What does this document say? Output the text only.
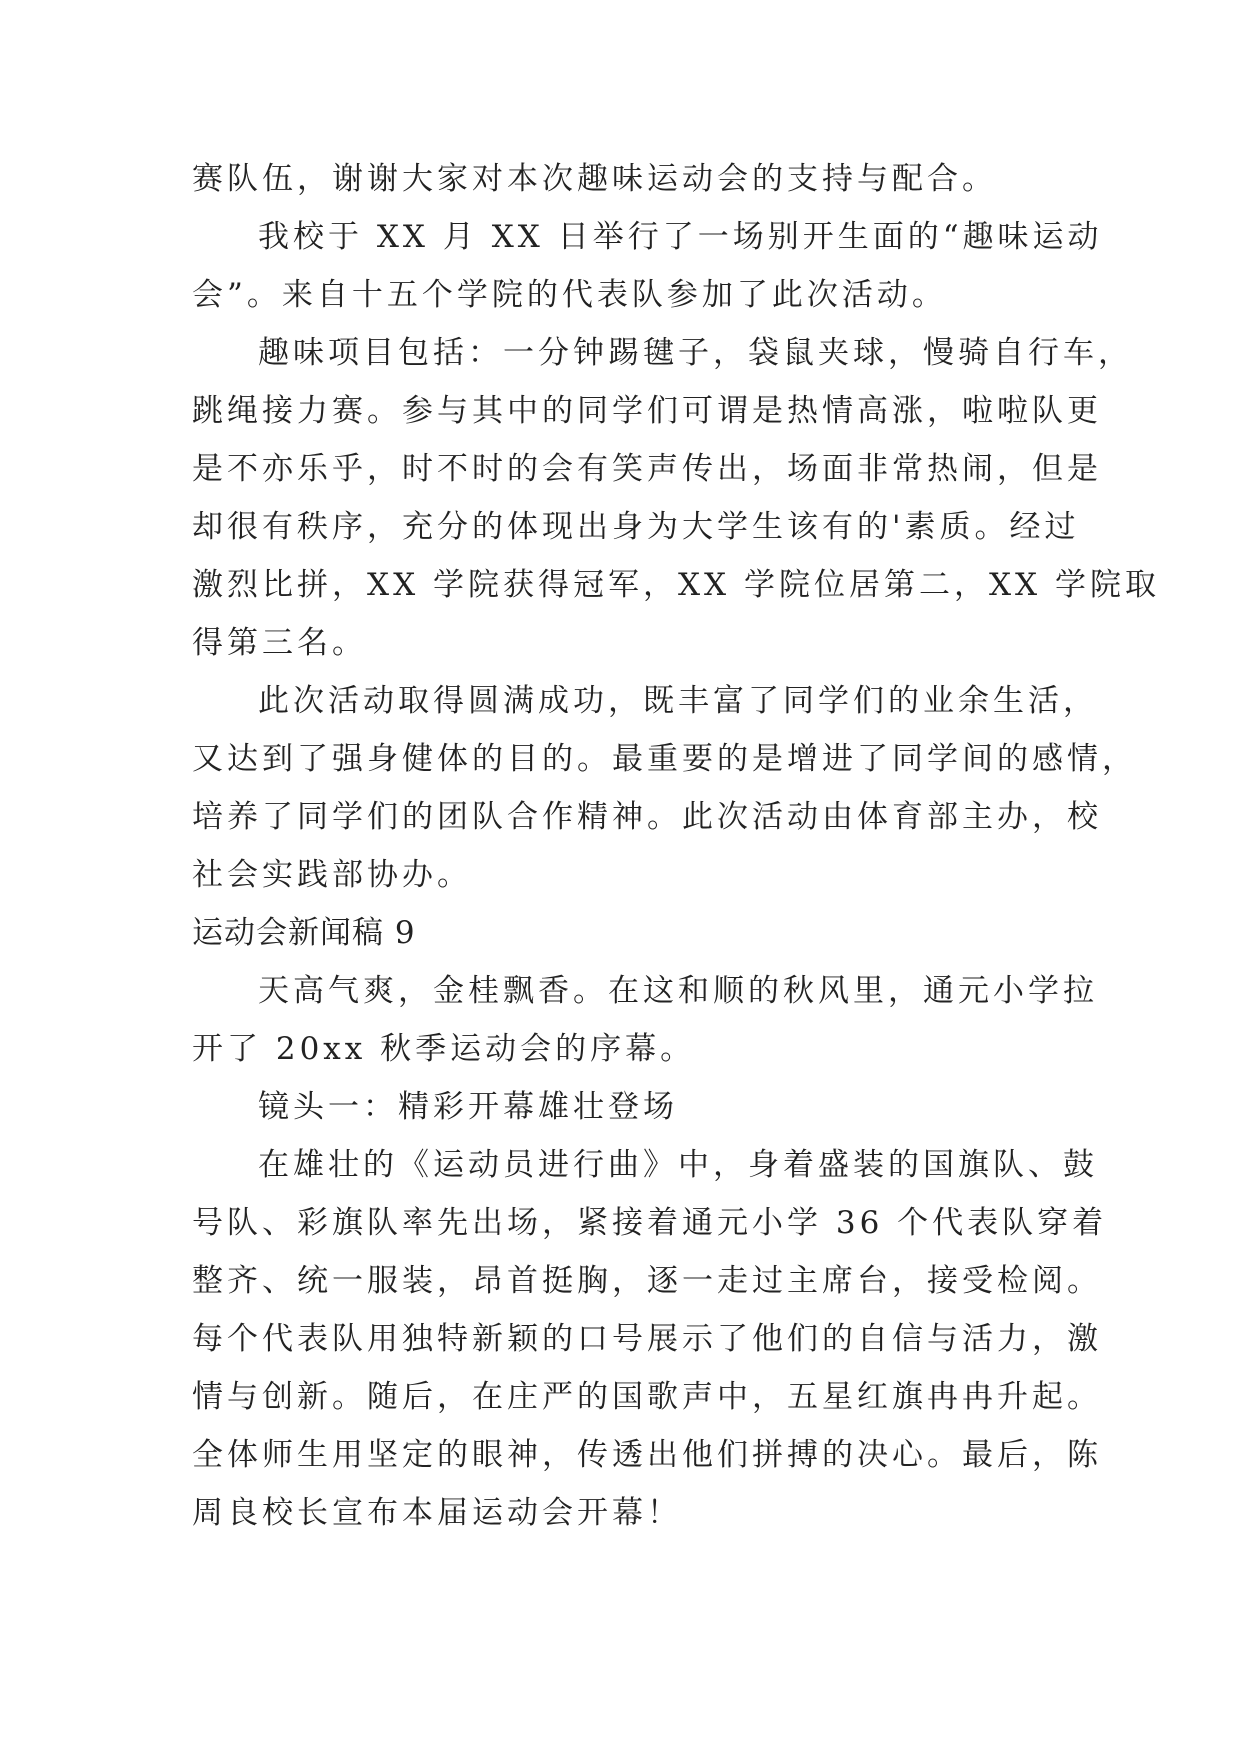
赛队伍，谢谢大家对本次趣味运动会的支持与配合。
我校于 XX 月 XX 日举行了一场别开生面的“趣味运动
会”。来自十五个学院的代表队参加了此次活动。
趣味项目包括：一分钟踢毽子，袋鼠夹球，慢骑自行车，
跳绳接力赛。参与其中的同学们可谓是热情高涨，啦啦队更
是不亦乐乎，时不时的会有笑声传出，场面非常热闹，但是
却很有秩序，充分的体现出身为大学生该有的'素质。经过
激烈比拼，XX 学院获得冠军，XX 学院位居第二，XX 学院取
得第三名。
此次活动取得圆满成功，既丰富了同学们的业余生活，
又达到了强身健体的目的。最重要的是增进了同学间的感情，
培养了同学们的团队合作精神。此次活动由体育部主办，校
社会实践部协办。
运动会新闻稿 9
天高气爽，金桂飘香。在这和顺的秋风里，通元小学拉
开了 20xx 秋季运动会的序幕。
镜头一：精彩开幕雄壮登场
在雄壮的《运动员进行曲》中，身着盛装的国旗队、鼓
号队、彩旗队率先出场，紧接着通元小学 36 个代表队穿着
整齐、统一服装，昂首挺胸，逐一走过主席台，接受检阅。
每个代表队用独特新颖的口号展示了他们的自信与活力，激
情与创新。随后，在庄严的国歌声中，五星红旗冉冉升起。
全体师生用坚定的眼神，传透出他们拼搏的决心。最后，陈
周良校长宣布本届运动会开幕！
